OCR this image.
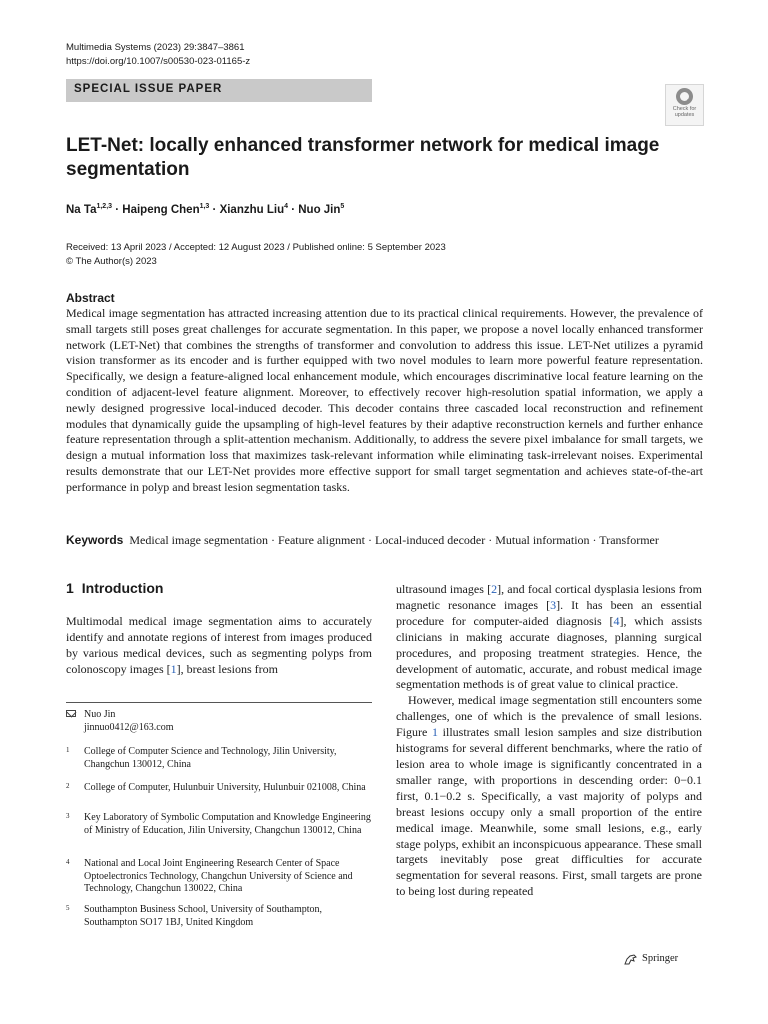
Multimedia Systems (2023) 29:3847–3861
https://doi.org/10.1007/s00530-023-01165-z
SPECIAL ISSUE PAPER
Check for
updates
LET-Net: locally enhanced transformer network for medical image segmentation
Na Ta$^{1,2,3}$ · Haipeng Chen$^{1,3}$ · Xianzhu Liu$^4$ · Nuo Jin$^5$
Received: 13 April 2023 / Accepted: 12 August 2023 / Published online: 5 September 2023
© The Author(s) 2023
Abstract
Medical image segmentation has attracted increasing attention due to its practical clinical requirements. However, the prevalence of small targets still poses great challenges for accurate segmentation. In this paper, we propose a novel locally enhanced transformer network (LET-Net) that combines the strengths of transformer and convolution to address this issue. LET-Net utilizes a pyramid vision transformer as its encoder and is further equipped with two novel modules to learn more powerful feature representation. Specifically, we design a feature-aligned local enhancement module, which encourages discriminative local feature learning on the condition of adjacent-level feature alignment. Moreover, to effectively recover high-resolution spatial information, we apply a newly designed progressive local-induced decoder. This decoder contains three cascaded local reconstruction and refinement modules that dynamically guide the upsampling of high-level features by their adaptive reconstruction kernels and further enhance feature representation through a split-attention mechanism. Additionally, to address the severe pixel imbalance for small targets, we design a mutual information loss that maximizes task-relevant information while eliminating task-irrelevant noises. Experimental results demonstrate that our LET-Net provides more effective support for small target segmentation and achieves state-of-the-art performance in polyp and breast lesion segmentation tasks.
Keywords Medical image segmentation · Feature alignment · Local-induced decoder · Mutual information · Transformer
1 Introduction
Multimodal medical image segmentation aims to accurately identify and annotate regions of interest from images produced by various medical devices, such as segmenting polyps from colonoscopy images [1], breast lesions from

ultrasound images [2], and focal cortical dysplasia lesions from magnetic resonance images [3]. It has been an essential procedure for computer-aided diagnosis [4], which assists clinicians in making accurate diagnoses, planning surgical procedures, and proposing treatment strategies. Hence, the development of automatic, accurate, and robust medical image segmentation methods is of great value to clinical practice.

However, medical image segmentation still encounters some challenges, one of which is the prevalence of small lesions. Figure 1 illustrates small lesion samples and size distribution histograms for several different benchmarks, where the ratio of lesion area to whole image is significantly concentrated in a smaller range, with proportions in descending order: 0−0.1 first, 0.1−0.2 s. Specifically, a vast majority of polyps and breast lesions occupy only a small proportion of the entire medical image. Meanwhile, some small lesions, e.g., early stage polyps, exhibit an inconspicuous appearance. These small targets inevitably pose great difficulties for accurate segmentation for several reasons. First, small targets are prone to being lost during repeated

Nuo Jin
jinnuo0412@163.com
1 College of Computer Science and Technology, Jilin University, Changchun 130012, China
2 College of Computer, Hulunbuir University, Hulunbuir 021008, China
3 Key Laboratory of Symbolic Computation and Knowledge Engineering of Ministry of Education, Jilin University, Changchun 130012, China
4 National and Local Joint Engineering Research Center of Space Optoelectronics Technology, Changchun University of Science and Technology, Changchun 130022, China
5 Southampton Business School, University of Southampton, Southampton SO17 1BJ, United Kingdom
Springer
